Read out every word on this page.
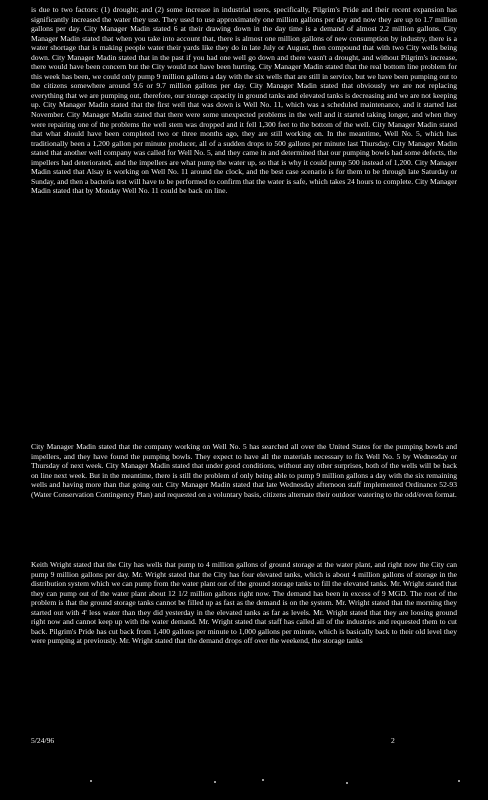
is due to two factors: (1) drought; and (2) some increase in industrial users, specifically, Pilgrim's Pride and their recent expansion has significantly increased the water they use. They used to use approximately one million gallons per day and now they are up to 1.7 million gallons per day. City Manager Madin stated 6 at their drawing down in the day time is a demand of almost 2.2 million gallons. City Manager Madin stated that when you take into account that, there is almost one million gallons of new consumption by industry, there is a water shortage that is making people water their yards like they do in late July or August, then compound that with two City wells being down. City Manager Madin stated that in the past if you had one well go down and there wasn't a drought, and without Pilgrim's increase, there would have been concern but the City would not have been hurting. City Manager Madin stated that the real bottom line problem for this week has been, we could only pump 9 million gallons a day with the six wells that are still in service, but we have been pumping out to the citizens somewhere around 9.6 or 9.7 million gallons per day. City Manager Madin stated that obviously we are not replacing everything that we are pumping out, therefore, our storage capacity in ground tanks and elevated tanks is decreasing and we are not keeping up. City Manager Madin stated that the first well that was down is Well No. 11, which was a scheduled maintenance, and it started last November. City Manager Madin stated that there were some unexpected problems in the well and it started taking longer, and when they were repairing one of the problems the well stem was dropped and it fell 1,300 feet to the bottom of the well. City Manager Madin stated that what should have been completed two or three months ago, they are still working on. In the meantime, Well No. 5, which has traditionally been a 1,200 gallon per minute producer, all of a sudden drops to 500 gallons per minute last Thursday. City Manager Madin stated that another well company was called for Well No. 5, and they came in and determined that our pumping bowls had some defects, the impellers had deteriorated, and the impellers are what pump the water up, so that is why it could pump 500 instead of 1,200. City Manager Madin stated that Alsay is working on Well No. 11 around the clock, and the best case scenario is for them to be through late Saturday or Sunday, and then a bacteria test will have to be performed to confirm that the water is safe, which takes 24 hours to complete. City Manager Madin stated that by Monday Well No. 11 could be back on line.

City Manager Madin stated that the company working on Well No. 5 has searched all over the United States for the pumping bowls and impellers, and they have found the pumping bowls. They expect to have all the materials necessary to fix Well No. 5 by Wednesday or Thursday of next week. City Manager Madin stated that under good conditions, without any other surprises, both of the wells will be back on line next week. But in the meantime, there is still the problem of only being able to pump 9 million gallons a day with the six remaining wells and having more than that going out. City Manager Madin stated that late Wednesday afternoon staff implemented Ordinance 52-93 (Water Conservation Contingency Plan) and requested on a voluntary basis, citizens alternate their outdoor watering to the odd/even format.

Keith Wright stated that the City has wells that pump to 4 million gallons of ground storage at the water plant, and right now the City can pump 9 million gallons per day. Mr. Wright stated that the City has four elevated tanks, which is about 4 million gallons of storage in the distribution system which we can pump from the water plant out of the ground storage tanks to fill the elevated tanks. Mr. Wright stated that they can pump out of the water plant about 12 1/2 million gallons right now. The demand has been in excess of 9 MGD. The root of the problem is that the ground storage tanks cannot be filled up as fast as the demand is on the system. Mr. Wright stated that the morning they started out with 4' less water than they did yesterday in the elevated tanks as far as levels. Mr. Wright stated that they are loosing ground right now and cannot keep up with the water demand. Mr. Wright stated that staff has called all of the industries and requested them to cut back. Pilgrim's Pride has cut back from 1,400 gallons per minute to 1,000 gallons per minute, which is basically back to their old level they were pumping at previously. Mr. Wright stated that the demand drops off over the weekend, the storage tanks

5/24/96	2
